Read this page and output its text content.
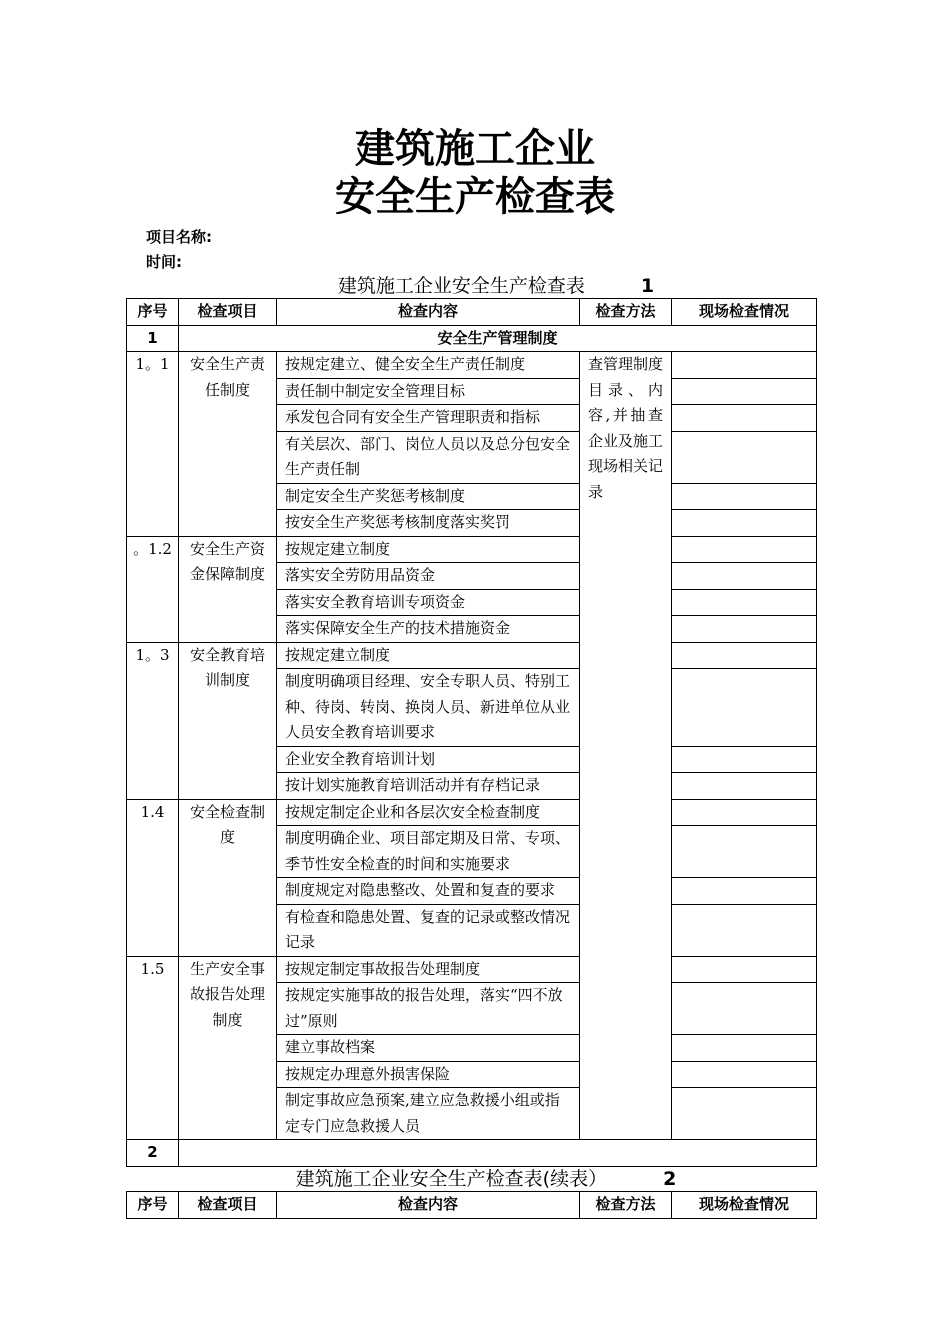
建筑施工企业
安全生产检查表
项目名称:
时间:
建筑施工企业安全生产检查表	1
序号	检查项目	检查内容	检查方法	现场检查情况
1	安全生产管理制度			
1。1	安全生产责任制度	按规定建立、健全安全生产责任制度	查管理制度目录、内容,并抽查企业及施工现场相关记录	
		责任制中制定安全管理目标		
		承发包合同有安全生产管理职责和指标		
		有关层次、部门、岗位人员以及总分包安全生产责任制		
		制定安全生产奖惩考核制度		
		按安全生产奖惩考核制度落实奖罚		
。1.2	安全生产资金保障制度	按规定建立制度		
		落实安全劳防用品资金		
		落实安全教育培训专项资金		
		落实保障安全生产的技术措施资金		
1。3	安全教育培训制度	按规定建立制度		
		制度明确项目经理、安全专职人员、特别工种、待岗、转岗、换岗人员、新进单位从业人员安全教育培训要求		
		企业安全教育培训计划		
		按计划实施教育培训活动并有存档记录		
1.4	安全检查制度	按规定制定企业和各层次安全检查制度		
		制度明确企业、项目部定期及日常、专项、季节性安全检查的时间和实施要求		
		制度规定对隐患整改、处置和复查的要求		
		有检查和隐患处置、复查的记录或整改情况记录		
1.5	生产安全事故报告处理制度	按规定制定事故报告处理制度		
		按规定实施事故的报告处理，落实“四不放过”原则		
		建立事故档案		
		按规定办理意外损害保险		
		制定事故应急预案,建立应急救援小组或指定专门应急救援人员		
2				
建筑施工企业安全生产检查表(续表）	2
序号	检查项目	检查内容	检查方法	现场检查情况
